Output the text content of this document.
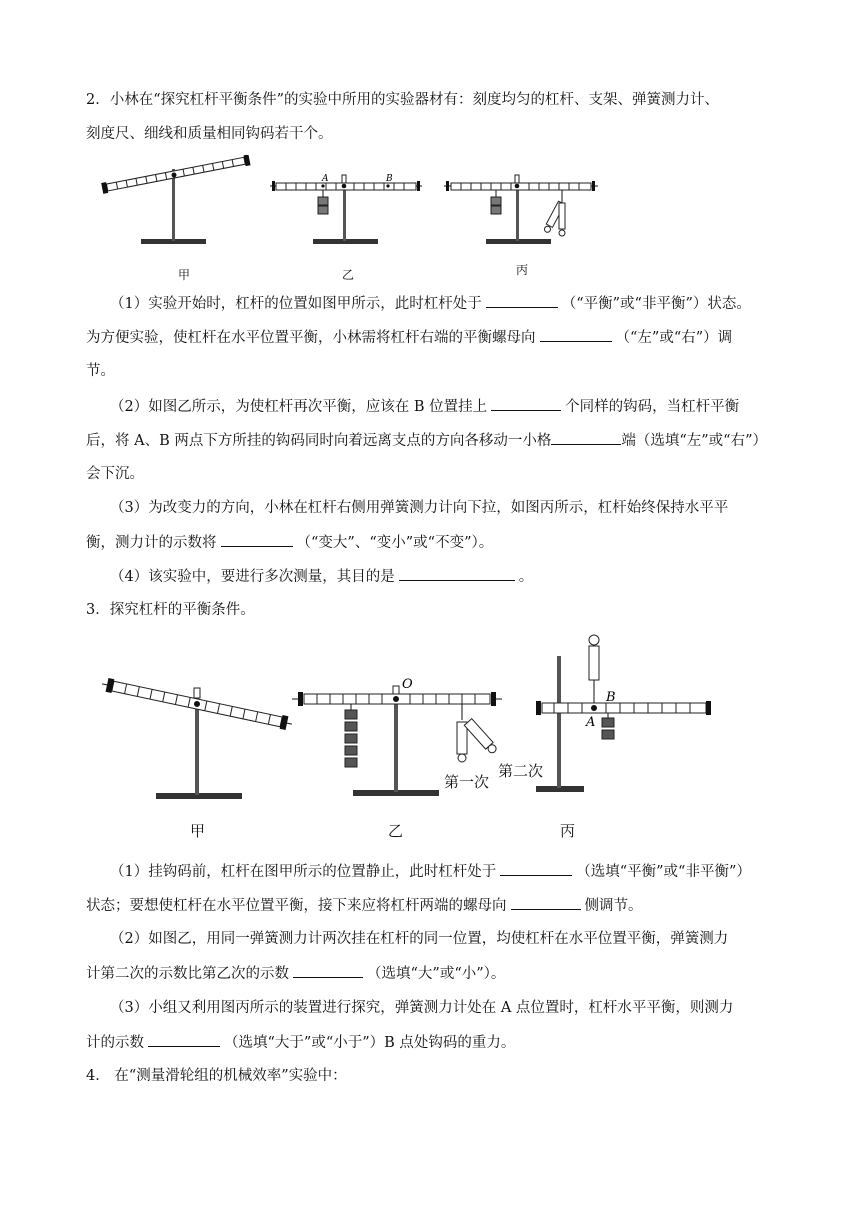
2．小林在“探究杠杆平衡条件”的实验中所用的实验器材有：刻度均匀的杠杆、支架、弹簧测力计、
刻度尺、细线和质量相同钩码若干个。
A	B
甲	乙	丙
（1）实验开始时，杠杆的位置如图甲所示，此时杠杆处于	（“平衡”或“非平衡”）状态。
为方便实验，使杠杆在水平位置平衡，小林需将杠杆右端的平衡螺母向	（“左”或“右”）调
节。
（2）如图乙所示，为使杠杆再次平衡，应该在 B 位置挂上	个同样的钩码，当杠杆平衡
后，将 A、B 两点下方所挂的钩码同时向着远离支点的方向各移动一小格	端（选填“左”或“右”）
会下沉。
（3）为改变力的方向，小林在杠杆右侧用弹簧测力计向下拉，如图丙所示，杠杆始终保持水平平
衡，测力计的示数将	（“变大”、“变小”或“不变”）。
（4）该实验中，要进行多次测量，其目的是	。
3．探究杠杆的平衡条件。
O
B
A
第一次
第二次
甲	乙	丙
（1）挂钩码前，杠杆在图甲所示的位置静止，此时杠杆处于	（选填“平衡”或“非平衡”）
状态；要想使杠杆在水平位置平衡，接下来应将杠杆两端的螺母向	侧调节。
（2）如图乙，用同一弹簧测力计两次挂在杠杆的同一位置，均使杠杆在水平位置平衡，弹簧测力
计第二次的示数比第乙次的示数	（选填“大”或“小”）。
（3）小组又利用图丙所示的装置进行探究，弹簧测力计处在 A 点位置时，杠杆水平平衡，则测力
计的示数	（选填“大于”或“小于”）B 点处钩码的重力。
4． 在“测量滑轮组的机械效率”实验中：
